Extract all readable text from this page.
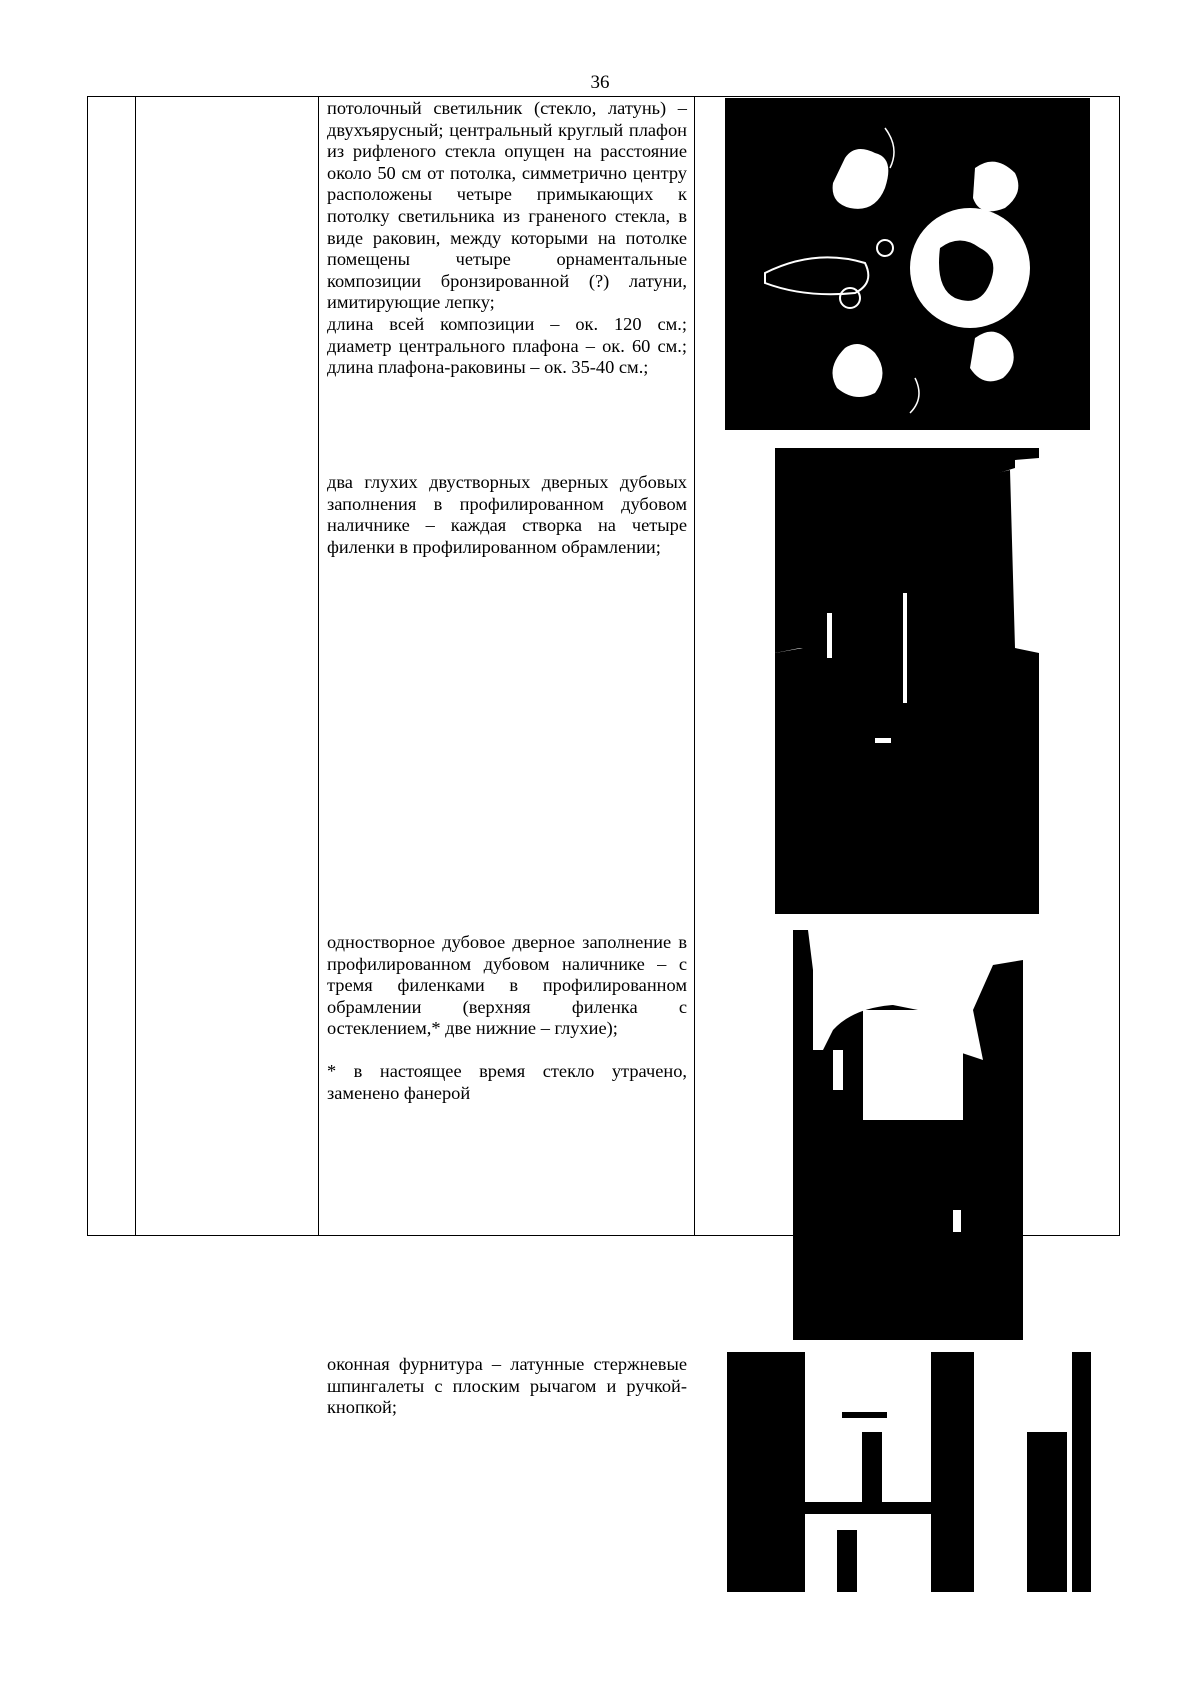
36

потолочный светильник (стекло, латунь) – двухъярусный; центральный круглый плафон из рифленого стекла опущен на расстояние около 50 см от потолка, симметрично центру расположены четыре примыкающих к потолку светильника из граненого стекла, в виде раковин, между которыми на потолке помещены четыре орнаментальные композиции бронзированной (?) латуни, имитирующие лепку;

длина всей композиции – ок. 120 см.; диаметр центрального плафона – ок. 60 см.; длина плафона-раковины – ок. 35-40 см.;

два глухих двустворных дверных дубовых заполнения в профилированном дубовом наличнике – каждая створка на четыре филенки в профилированном обрамлении;

одностворное дубовое дверное заполнение в профилированном дубовом наличнике – с тремя филенками в профилированном обрамлении (верхняя филенка с остеклением,* две нижние – глухие);

* в настоящее время стекло утрачено, заменено фанерой

оконная фурнитура – латунные стержневые шпингалеты с плоским рычагом и ручкой-кнопкой;
